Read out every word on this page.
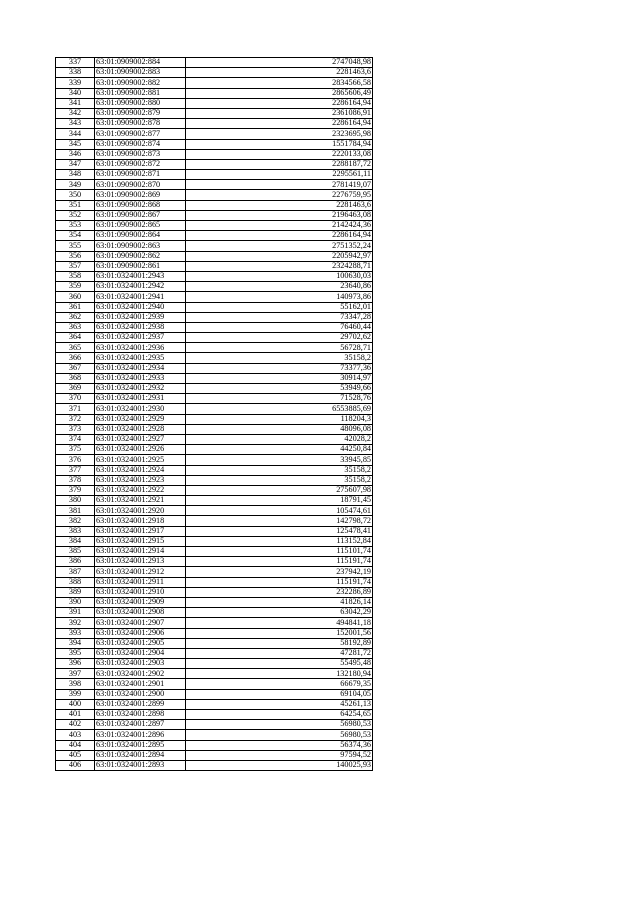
337	63:01:0909002:884	2747048,98
338	63:01:0909002:883	2281463,6
339	63:01:0909002:882	2834566,58
340	63:01:0909002:881	2865606,49
341	63:01:0909002:880	2286164,94
342	63:01:0909002:879	2361086,91
343	63:01:0909002:878	2286164,94
344	63:01:0909002:877	2323695,98
345	63:01:0909002:874	1551784,94
346	63:01:0909002:873	2220133,08
347	63:01:0909002:872	2288187,72
348	63:01:0909002:871	2295561,11
349	63:01:0909002:870	2781419,07
350	63:01:0909002:869	2276759,95
351	63:01:0909002:868	2281463,6
352	63:01:0909002:867	2196463,08
353	63:01:0909002:865	2142424,36
354	63:01:0909002:864	2286164,94
355	63:01:0909002:863	2751352,24
356	63:01:0909002:862	2205942,97
357	63:01:0909002:861	2324288,71
358	63:01:0324001:2943	100630,03
359	63:01:0324001:2942	23640,86
360	63:01:0324001:2941	140973,86
361	63:01:0324001:2940	55162,01
362	63:01:0324001:2939	73347,28
363	63:01:0324001:2938	76460,44
364	63:01:0324001:2937	29702,62
365	63:01:0324001:2936	56728,71
366	63:01:0324001:2935	35158,2
367	63:01:0324001:2934	73377,36
368	63:01:0324001:2933	30914,97
369	63:01:0324001:2932	53949,66
370	63:01:0324001:2931	71528,76
371	63:01:0324001:2930	6553885,69
372	63:01:0324001:2929	118204,3
373	63:01:0324001:2928	48096,08
374	63:01:0324001:2927	42028,2
375	63:01:0324001:2926	44250,84
376	63:01:0324001:2925	33945,85
377	63:01:0324001:2924	35158,2
378	63:01:0324001:2923	35158,2
379	63:01:0324001:2922	275607,98
380	63:01:0324001:2921	18791,45
381	63:01:0324001:2920	105474,61
382	63:01:0324001:2918	142798,72
383	63:01:0324001:2917	125478,41
384	63:01:0324001:2915	113152,84
385	63:01:0324001:2914	115101,74
386	63:01:0324001:2913	115191,74
387	63:01:0324001:2912	237942,19
388	63:01:0324001:2911	115191,74
389	63:01:0324001:2910	232286,89
390	63:01:0324001:2909	41826,14
391	63:01:0324001:2908	63042,29
392	63:01:0324001:2907	494841,18
393	63:01:0324001:2906	152001,56
394	63:01:0324001:2905	58192,89
395	63:01:0324001:2904	47281,72
396	63:01:0324001:2903	55495,48
397	63:01:0324001:2902	132180,94
398	63:01:0324001:2901	66679,35
399	63:01:0324001:2900	69104,05
400	63:01:0324001:2899	45261,13
401	63:01:0324001:2898	64254,65
402	63:01:0324001:2897	56980,53
403	63:01:0324001:2896	56980,53
404	63:01:0324001:2895	56374,36
405	63:01:0324001:2894	97594,52
406	63:01:0324001:2893	140025,93
